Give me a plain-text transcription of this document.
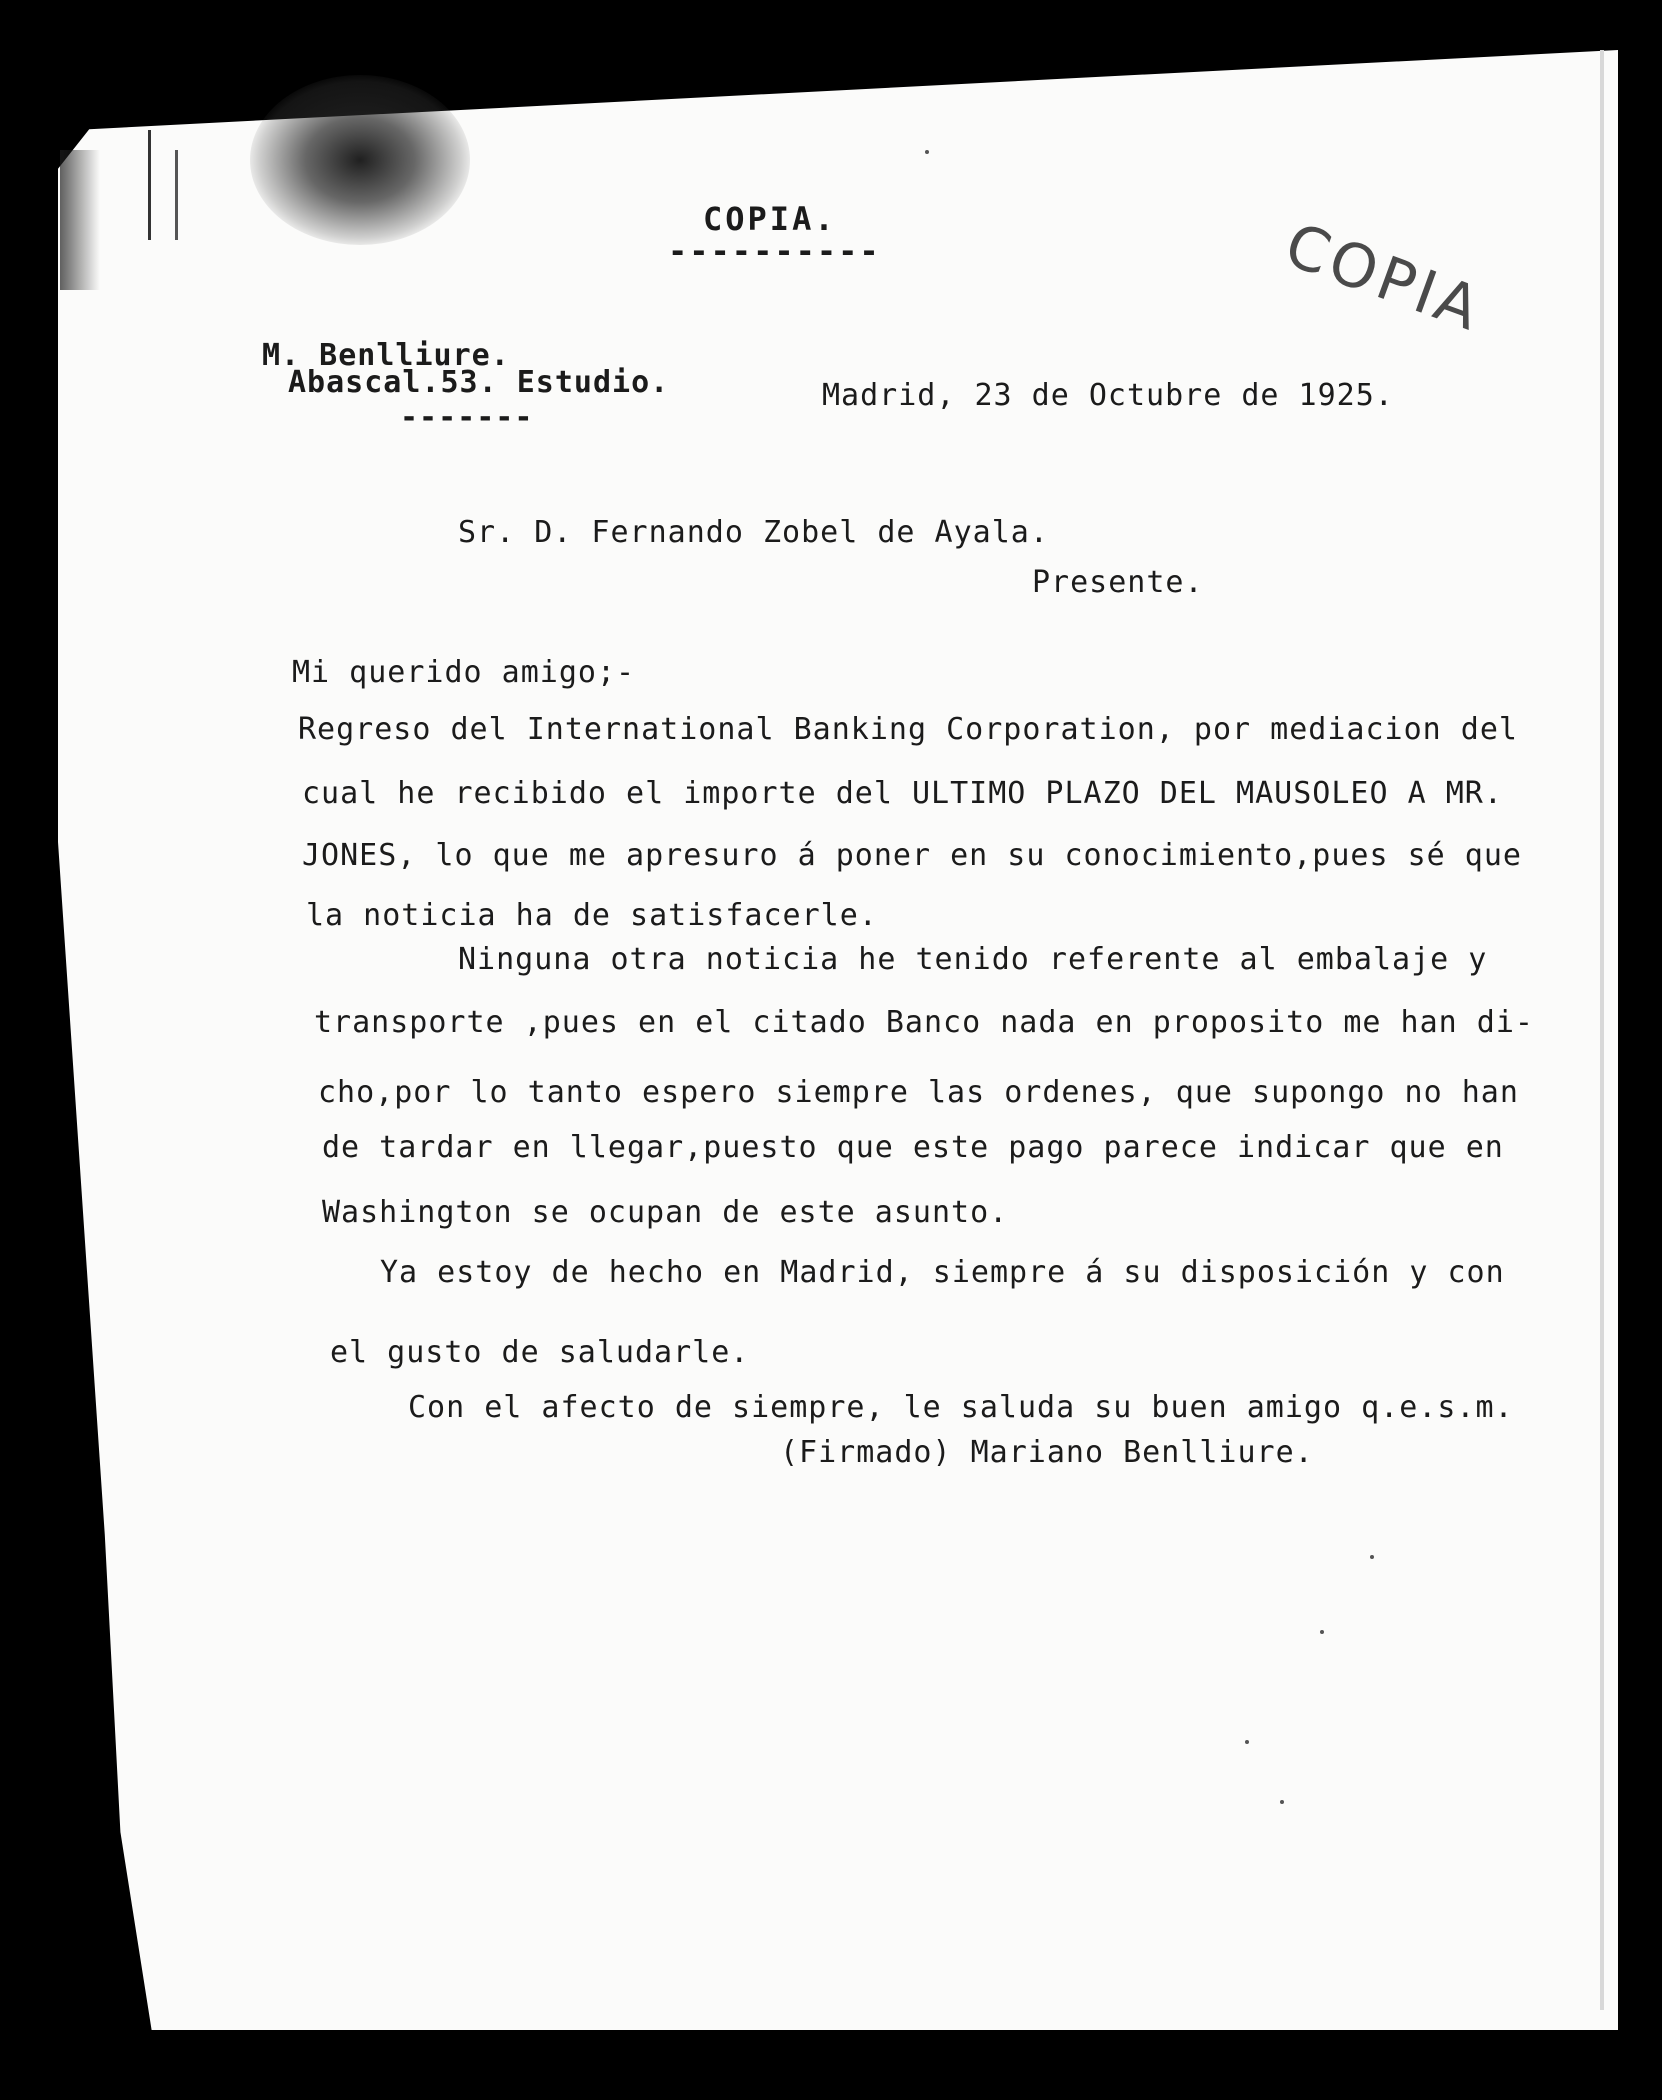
COPIA.
----------	COPIA
M. Benlliure.
Abascal.53. Estudio.
-------
Madrid, 23 de Octubre de 1925.
Sr. D. Fernando Zobel de Ayala.
Presente.
Mi querido amigo;-
Regreso del International Banking Corporation, por mediacion del
cual he recibido el importe del ULTIMO PLAZO DEL MAUSOLEO A MR.
JONES, lo que me apresuro á poner en su conocimiento,pues sé que
la noticia ha de satisfacerle.
Ninguna otra noticia he tenido referente al embalaje y
transporte ,pues en el citado Banco nada en proposito me han di-
cho,por lo tanto espero siempre las ordenes, que supongo no han
de tardar en llegar,puesto que este pago parece indicar que en
Washington se ocupan de este asunto.
Ya estoy de hecho en Madrid, siempre á su disposición y con
el gusto de saludarle.
Con el afecto de siempre, le saluda su buen amigo q.e.s.m.
(Firmado) Mariano Benlliure.
